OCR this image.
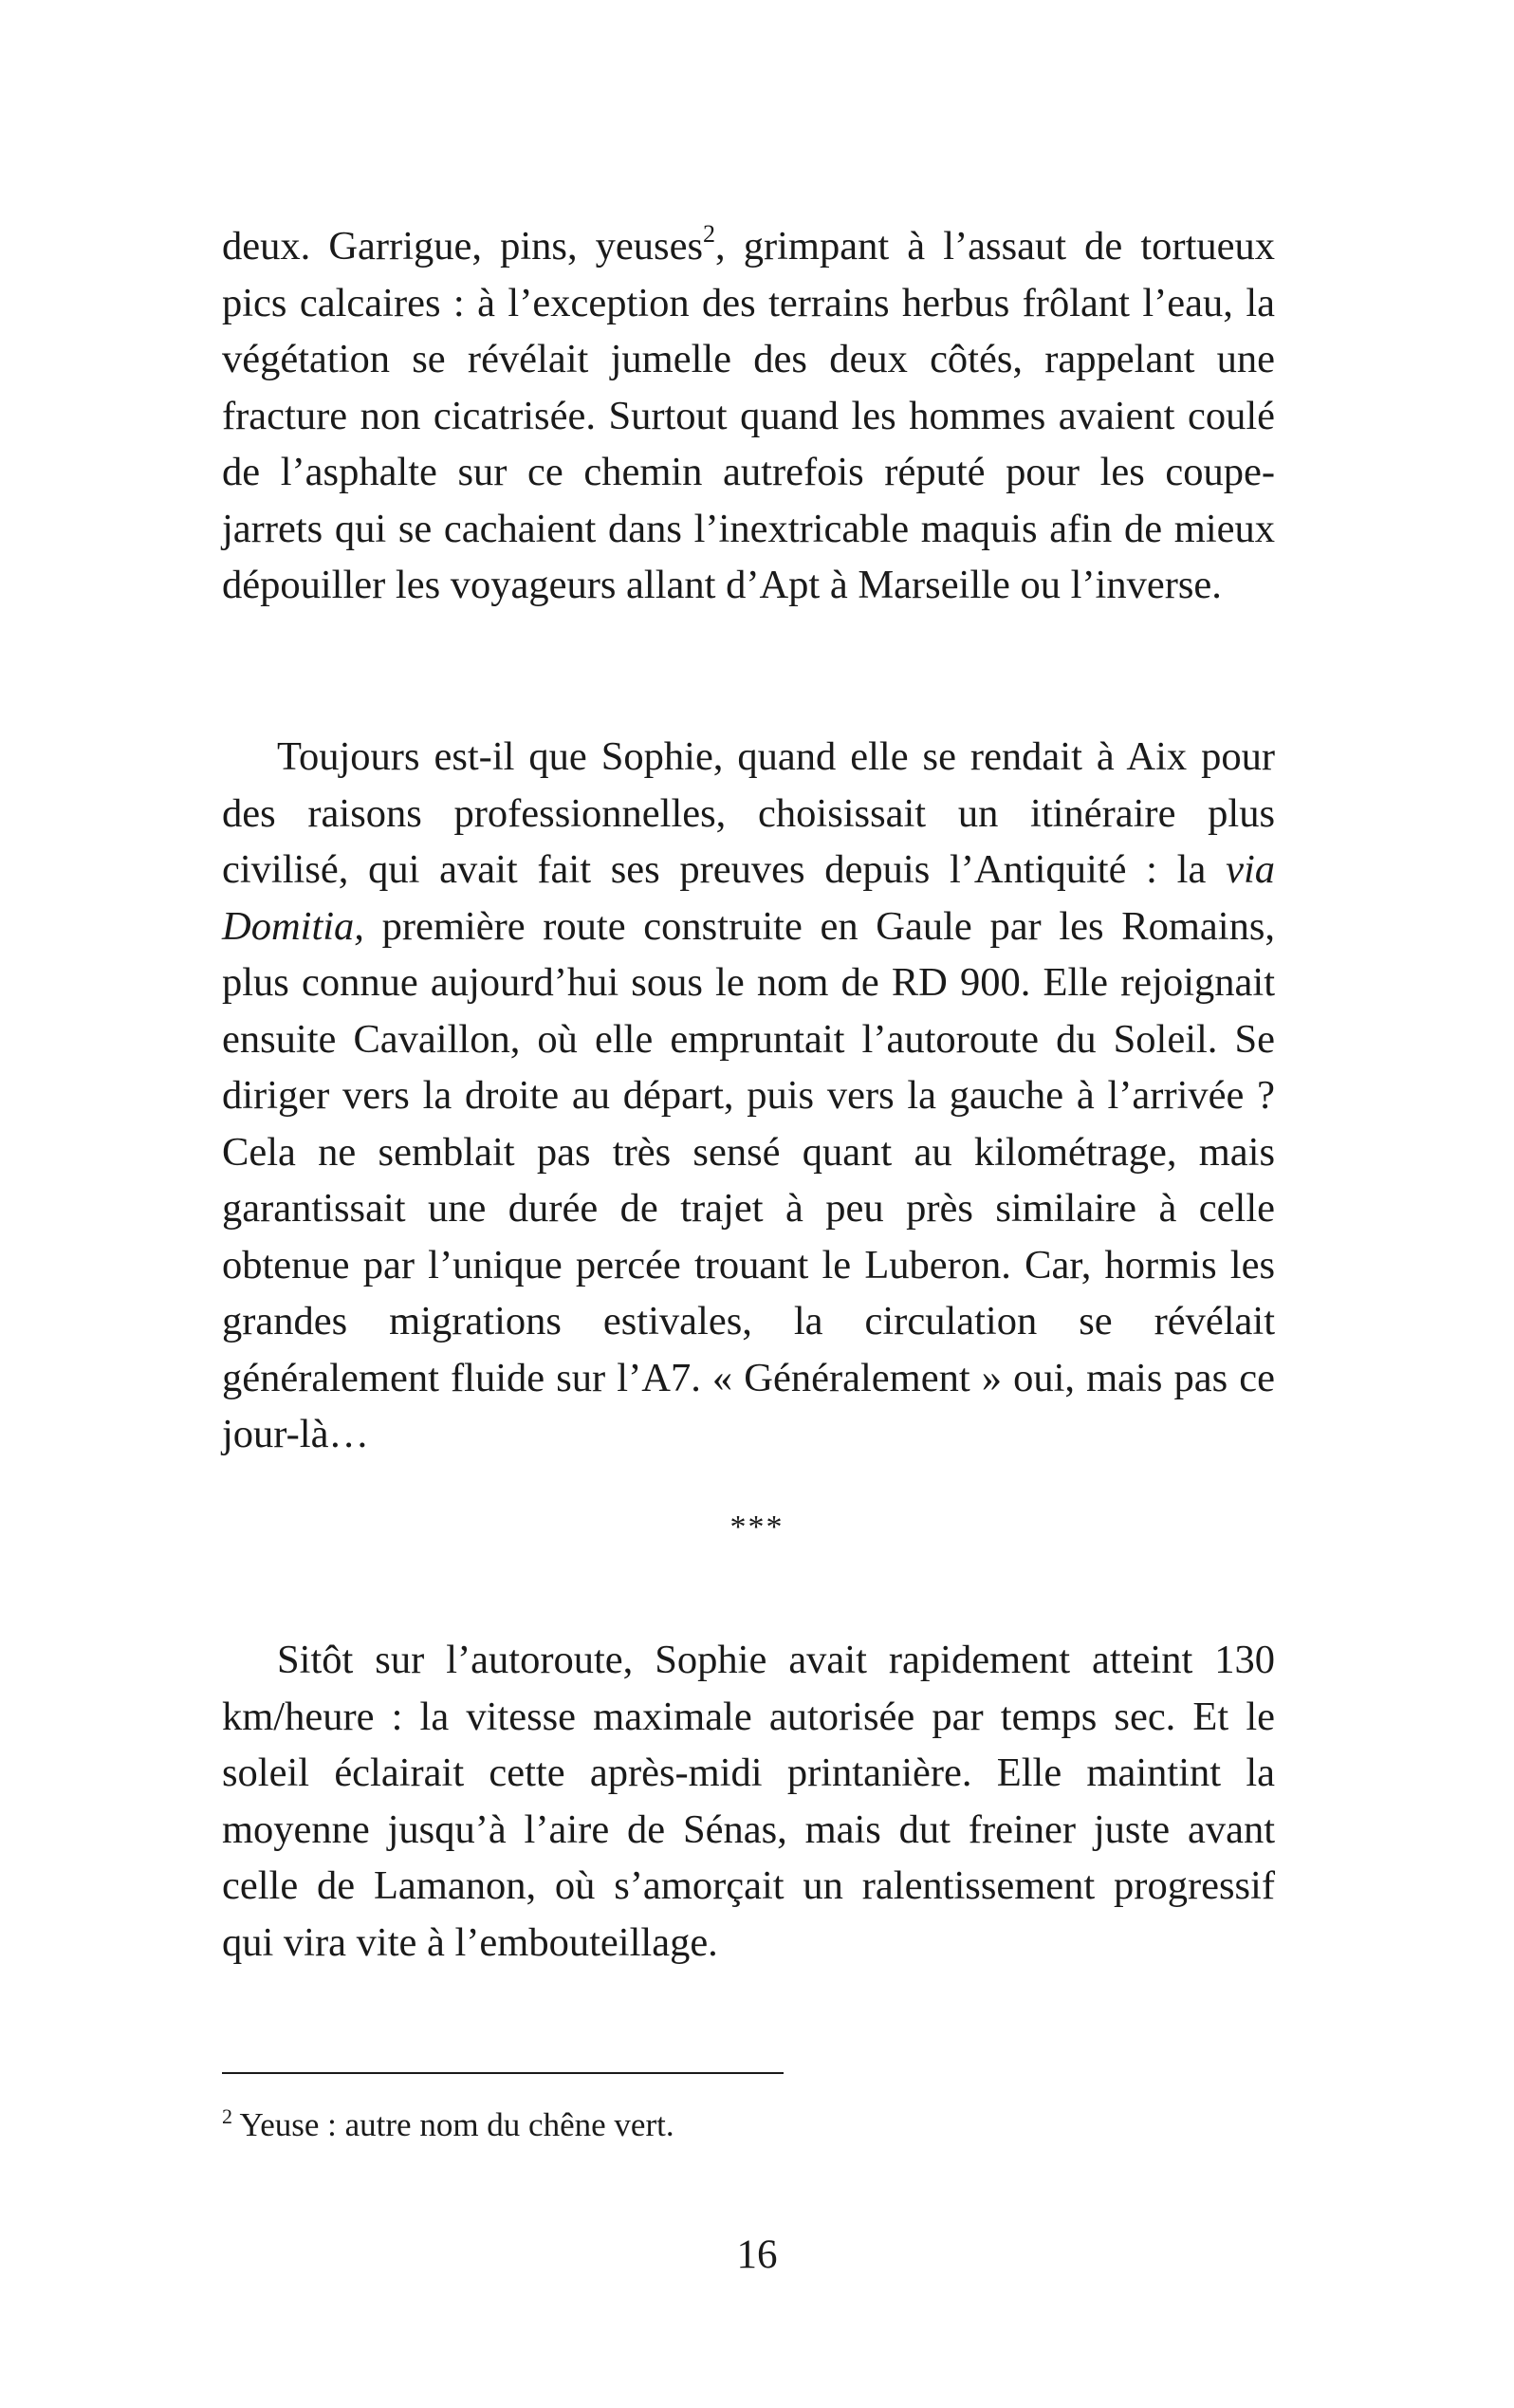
deux. Garrigue, pins, yeuses$^2$, grimpant à l’assaut de tortueux pics calcaires : à l’exception des terrains herbus frôlant l’eau, la végétation se révélait jumelle des deux côtés, rappelant une fracture non cicatrisée. Surtout quand les hommes avaient coulé de l’asphalte sur ce chemin autrefois réputé pour les coupe-jarrets qui se cachaient dans l’inextricable maquis afin de mieux dépouiller les voyageurs allant d’Apt à Marseille ou l’inverse.

Toujours est-il que Sophie, quand elle se rendait à Aix pour des raisons professionnelles, choisissait un itinéraire plus civilisé, qui avait fait ses preuves depuis l’Antiquité : la via Domitia, première route construite en Gaule par les Romains, plus connue aujourd’hui sous le nom de RD 900. Elle rejoignait ensuite Cavaillon, où elle empruntait l’autoroute du Soleil. Se diriger vers la droite au départ, puis vers la gauche à l’arrivée ? Cela ne semblait pas très sensé quant au kilométrage, mais garantissait une durée de trajet à peu près similaire à celle obtenue par l’unique percée trouant le Luberon. Car, hormis les grandes migrations estivales, la circulation se révélait généralement fluide sur l’A7. « Généralement » oui, mais pas ce jour-là…

***

Sitôt sur l’autoroute, Sophie avait rapidement atteint 130 km/heure : la vitesse maximale autorisée par temps sec. Et le soleil éclairait cette après-midi printanière. Elle maintint la moyenne jusqu’à l’aire de Sénas, mais dut freiner juste avant celle de Lamanon, où s’amorçait un ralentissement progressif qui vira vite à l’embouteillage.

$^2$ Yeuse : autre nom du chêne vert.
16
